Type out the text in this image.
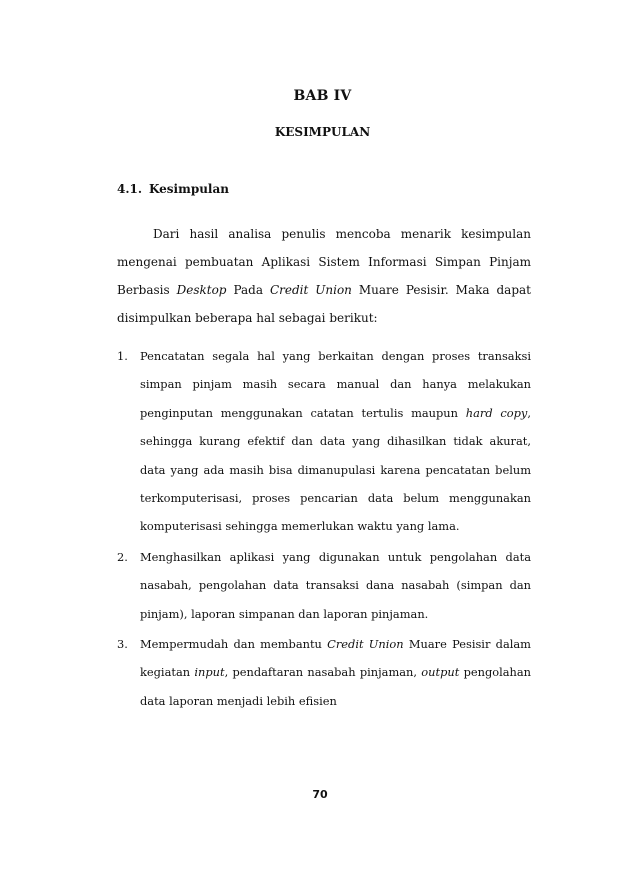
BAB IV
KESIMPULAN
4.1. Kesimpulan

Dari hasil analisa penulis mencoba menarik kesimpulan mengenai pembuatan Aplikasi Sistem Informasi Simpan Pinjam Berbasis Desktop Pada Credit Union Muare Pesisir. Maka dapat disimpulkan beberapa hal sebagai berikut:

1. Pencatatan segala hal yang berkaitan dengan proses transaksi simpan pinjam masih secara manual dan hanya melakukan penginputan menggunakan catatan tertulis maupun hard copy, sehingga kurang efektif dan data yang dihasilkan tidak akurat, data yang ada masih bisa dimanupulasi karena pencatatan belum terkomputerisasi, proses pencarian data belum menggunakan komputerisasi sehingga memerlukan waktu yang lama.
2. Menghasilkan aplikasi yang digunakan untuk pengolahan data nasabah, pengolahan data transaksi dana nasabah (simpan dan pinjam), laporan simpanan dan laporan pinjaman.
3. Mempermudah dan membantu Credit Union Muare Pesisir dalam kegiatan input, pendaftaran nasabah pinjaman, output pengolahan data laporan menjadi lebih efisien
70
